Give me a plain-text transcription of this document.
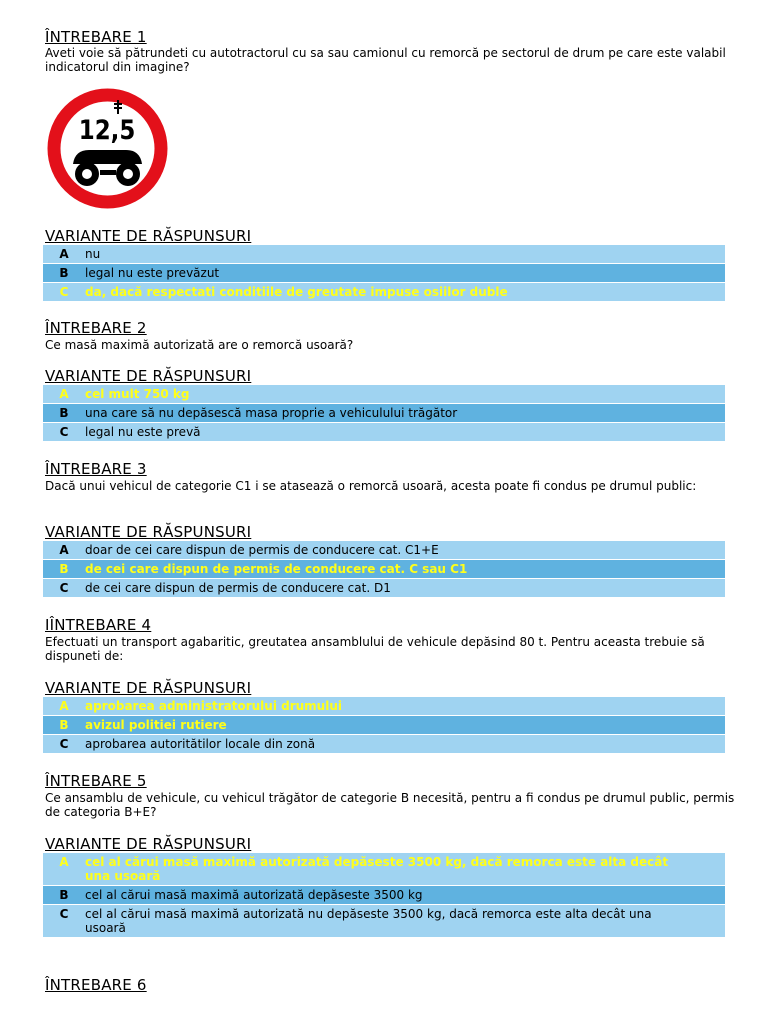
ÎNTREBARE 1
Aveti voie să pătrundeti cu autotractorul cu sa sau camionul cu remorcă pe sectorul de drum pe care este valabil indicatorul din imagine?
12,5
VARIANTE DE RĂSPUNSURI
A	nu
B	legal nu este prevăzut
C	da, dacă respectati conditiile de greutate impuse osiilor duble
ÎNTREBARE 2
Ce masă maximă autorizată are o remorcă usoară?
VARIANTE DE RĂSPUNSURI
A	cel mult 750 kg
B	una care să nu depăsescă masa proprie a vehiculului trăgător
C	legal nu este prevă
ÎNTREBARE 3
Dacă unui vehicul de categorie C1 i se atasează o remorcă usoară, acesta poate fi condus pe drumul public:
VARIANTE DE RĂSPUNSURI
A	doar de cei care dispun de permis de conducere cat. C1+E
B	de cei care dispun de permis de conducere cat. C sau C1
C	de cei care dispun de permis de conducere cat. D1
IÎNTREBARE 4
Efectuati un transport agabaritic, greutatea ansamblului de vehicule depăsind 80 t. Pentru aceasta trebuie să dispuneti de:
VARIANTE DE RĂSPUNSURI
A	aprobarea administratorului drumului
B	avizul politiei rutiere
C	aprobarea autoritătilor locale din zonă
ÎNTREBARE 5
Ce ansamblu de vehicule, cu vehicul trăgător de categorie B necesită, pentru a fi condus pe drumul public, permis de categoria B+E?
VARIANTE DE RĂSPUNSURI
A	cel al cărui masă maximă autorizată depăseste 3500 kg, dacă remorca este alta decât una usoară
B	cel al cărui masă maximă autorizată depăseste 3500 kg
C	cel al cărui masă maximă autorizată nu depăseste 3500 kg, dacă remorca este alta decât una usoară
ÎNTREBARE 6
